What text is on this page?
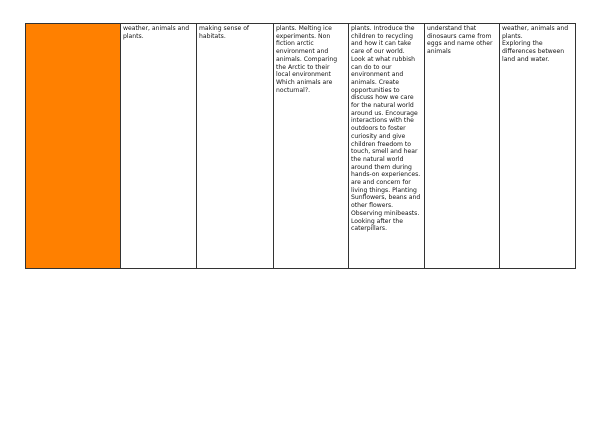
	weather, animals and
plants.	making sense of
habitats.	plants. Melting ice
experiments. Non
fiction arctic
environment and
animals. Comparing
the Arctic to their
local environment
Which animals are
nocturnal?.	plants. Introduce the
children to recycling
and how it can take
care of our world.
Look at what rubbish
can do to our
environment and
animals. Create
opportunities to
discuss how we care
for the natural world
around us. Encourage
interactions with the
outdoors to foster
curiosity and give
children freedom to
touch, smell and hear
the natural world
around them during
hands-on experiences.
are and concern for
living things. Planting
Sunflowers, beans and
other flowers.
Observing minibeasts.
Looking after the
caterpillars.	understand that
dinosaurs came from
eggs and name other
animals	weather, animals and
plants.
Exploring the
differences between
land and water.
